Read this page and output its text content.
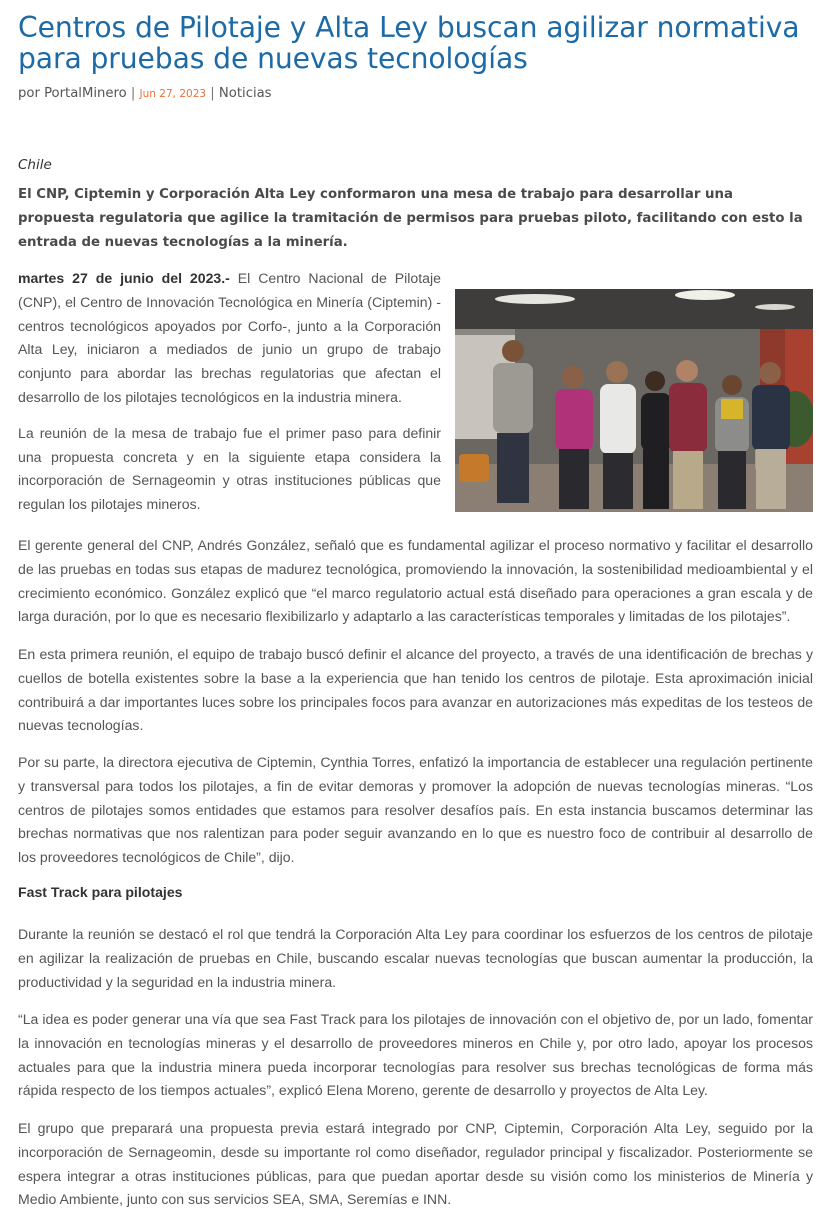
Centros de Pilotaje y Alta Ley buscan agilizar normativa para pruebas de nuevas tecnologías
por PortalMinero | Jun 27, 2023 | Noticias
Chile

El CNP, Ciptemin y Corporación Alta Ley conformaron una mesa de trabajo para desarrollar una propuesta regulatoria que agilice la tramitación de permisos para pruebas piloto, facilitando con esto la entrada de nuevas tecnologías a la minería.

martes 27 de junio del 2023.- El Centro Nacional de Pilotaje (CNP), el Centro de Innovación Tecnológica en Minería (Ciptemin) -centros tecnológicos apoyados por Corfo-, junto a la Corporación Alta Ley, iniciaron a mediados de junio un grupo de trabajo conjunto para abordar las brechas regulatorias que afectan el desarrollo de los pilotajes tecnológicos en la industria minera.

La reunión de la mesa de trabajo fue el primer paso para definir una propuesta concreta y en la siguiente etapa considera la incorporación de Sernageomin y otras instituciones públicas que regulan los pilotajes mineros.

El gerente general del CNP, Andrés González, señaló que es fundamental agilizar el proceso normativo y facilitar el desarrollo de las pruebas en todas sus etapas de madurez tecnológica, promoviendo la innovación, la sostenibilidad medioambiental y el crecimiento económico. González explicó que “el marco regulatorio actual está diseñado para operaciones a gran escala y de larga duración, por lo que es necesario flexibilizarlo y adaptarlo a las características temporales y limitadas de los pilotajes”.

En esta primera reunión, el equipo de trabajo buscó definir el alcance del proyecto, a través de una identificación de brechas y cuellos de botella existentes sobre la base a la experiencia que han tenido los centros de pilotaje. Esta aproximación inicial contribuirá a dar importantes luces sobre los principales focos para avanzar en autorizaciones más expeditas de los testeos de nuevas tecnologías.

Por su parte, la directora ejecutiva de Ciptemin, Cynthia Torres, enfatizó la importancia de establecer una regulación pertinente y transversal para todos los pilotajes, a fin de evitar demoras y promover la adopción de nuevas tecnologías mineras. “Los centros de pilotajes somos entidades que estamos para resolver desafíos país. En esta instancia buscamos determinar las brechas normativas que nos ralentizan para poder seguir avanzando en lo que es nuestro foco de contribuir al desarrollo de los proveedores tecnológicos de Chile”, dijo.

Fast Track para pilotajes

Durante la reunión se destacó el rol que tendrá la Corporación Alta Ley para coordinar los esfuerzos de los centros de pilotaje en agilizar la realización de pruebas en Chile, buscando escalar nuevas tecnologías que buscan aumentar la producción, la productividad y la seguridad en la industria minera.

“La idea es poder generar una vía que sea Fast Track para los pilotajes de innovación con el objetivo de, por un lado, fomentar la innovación en tecnologías mineras y el desarrollo de proveedores mineros en Chile y, por otro lado, apoyar los procesos actuales para que la industria minera pueda incorporar tecnologías para resolver sus brechas tecnológicas de forma más rápida respecto de los tiempos actuales”, explicó Elena Moreno, gerente de desarrollo y proyectos de Alta Ley.

El grupo que preparará una propuesta previa estará integrado por CNP, Ciptemin, Corporación Alta Ley, seguido por la incorporación de Sernageomin, desde su importante rol como diseñador, regulador principal y fiscalizador. Posteriormente se espera integrar a otras instituciones públicas, para que puedan aportar desde su visión como los ministerios de Minería y Medio Ambiente, junto con sus servicios SEA, SMA, Seremías e INN.
